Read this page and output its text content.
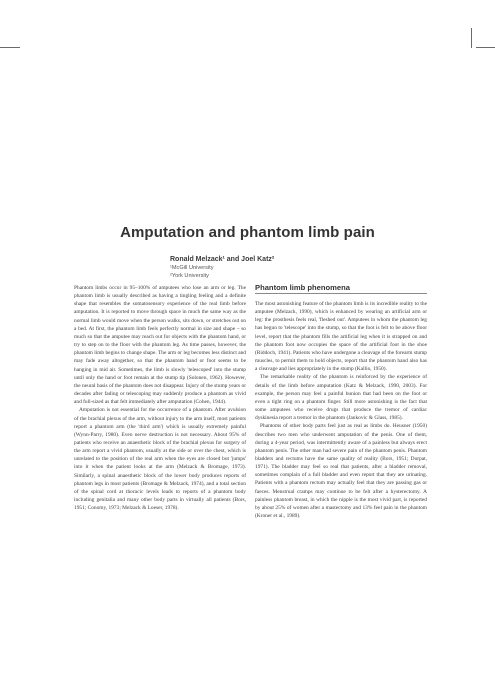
Amputation and phantom limb pain
Ronald Melzack¹ and Joel Katz²
¹McGill University
²York University

Phantom limbs occur in 95–100% of amputees who lose an arm or leg. The phantom limb is usually described as having a tingling feeling and a definite shape that resembles the somatosensory experience of the real limb before amputation. It is reported to move through space in much the same way as the normal limb would move when the person walks, sits down, or stretches out on a bed. At first, the phantom limb feels perfectly normal in size and shape – so much so that the amputee may reach out for objects with the phantom hand, or try to step on to the floor with the phantom leg. As time passes, however, the phantom limb begins to change shape. The arm or leg becomes less distinct and may fade away altogether, so that the phantom hand or foot seems to be hanging in mid air. Sometimes, the limb is slowly 'telescoped' into the stump until only the hand or foot remain at the stump tip (Solonen, 1962). However, the neural basis of the phantom does not disappear. Injury of the stump years or decades after fading or telescoping may suddenly produce a phantom as vivid and full-sized as that felt immediately after amputation (Cohen, 1944).

Amputation is not essential for the occurrence of a phantom. After avulsion of the brachial plexus of the arm, without injury to the arm itself, most patients report a phantom arm (the 'third arm') which is usually extremely painful (Wynn-Parry, 1980). Even nerve destruction is not necessary. About 95% of patients who receive an anaesthetic block of the brachial plexus for surgery of the arm report a vivid phantom, usually at the side or over the chest, which is unrelated to the position of the real arm when the eyes are closed but 'jumps' into it when the patient looks at the arm (Melzack & Bromage, 1973). Similarly, a spinal anaesthetic block of the lower body produces reports of phantom legs in most patients (Bromage & Melzack, 1974), and a total section of the spinal cord at thoracic levels leads to reports of a phantom body including genitalia and many other body parts in virtually all patients (Bors, 1951; Conomy, 1973; Melzack & Loeser, 1978).

Phantom limb phenomena

The most astonishing feature of the phantom limb is its incredible reality to the amputee (Melzack, 1990), which is enhanced by wearing an artificial arm or leg: the prosthesis feels real, 'fleshed out'. Amputees in whom the phantom leg has begun to 'telescope' into the stump, so that the foot is felt to be above floor level, report that the phantom fills the artificial leg when it is strapped on and the phantom foot now occupies the space of the artificial foot in the shoe (Riddoch, 1941). Patients who have undergone a cleavage of the forearm stump muscles, to permit them to hold objects, report that the phantom hand also has a cleavage and lies appropriately in the stump (Kallio, 1950).

The remarkable reality of the phantom is reinforced by the experience of details of the limb before amputation (Katz & Melzack, 1990, 2003). For example, the person may feel a painful bunion that had been on the foot or even a tight ring on a phantom finger. Still more astonishing is the fact that some amputees who receive drugs that produce the tremor of cardiac dyskinesia report a tremor in the phantom (Jankovic & Glass, 1985).

Phantoms of other body parts feel just as real as limbs do. Heusner (1950) describes two men who underwent amputation of the penis. One of them, during a 4-year period, was intermittently aware of a painless but always erect phantom penis. The other man had severe pain of the phantom penis. Phantom bladders and rectums have the same quality of reality (Bors, 1951; Dorpat, 1971). The bladder may feel so real that patients, after a bladder removal, sometimes complain of a full bladder and even report that they are urinating. Patients with a phantom rectum may actually feel that they are passing gas or faeces. Menstrual cramps may continue to be felt after a hysterectomy. A painless phantom breast, in which the nipple is the most vivid part, is reported by about 25% of women after a mastectomy and 13% feel pain in the phantom (Kroner et al., 1989).
